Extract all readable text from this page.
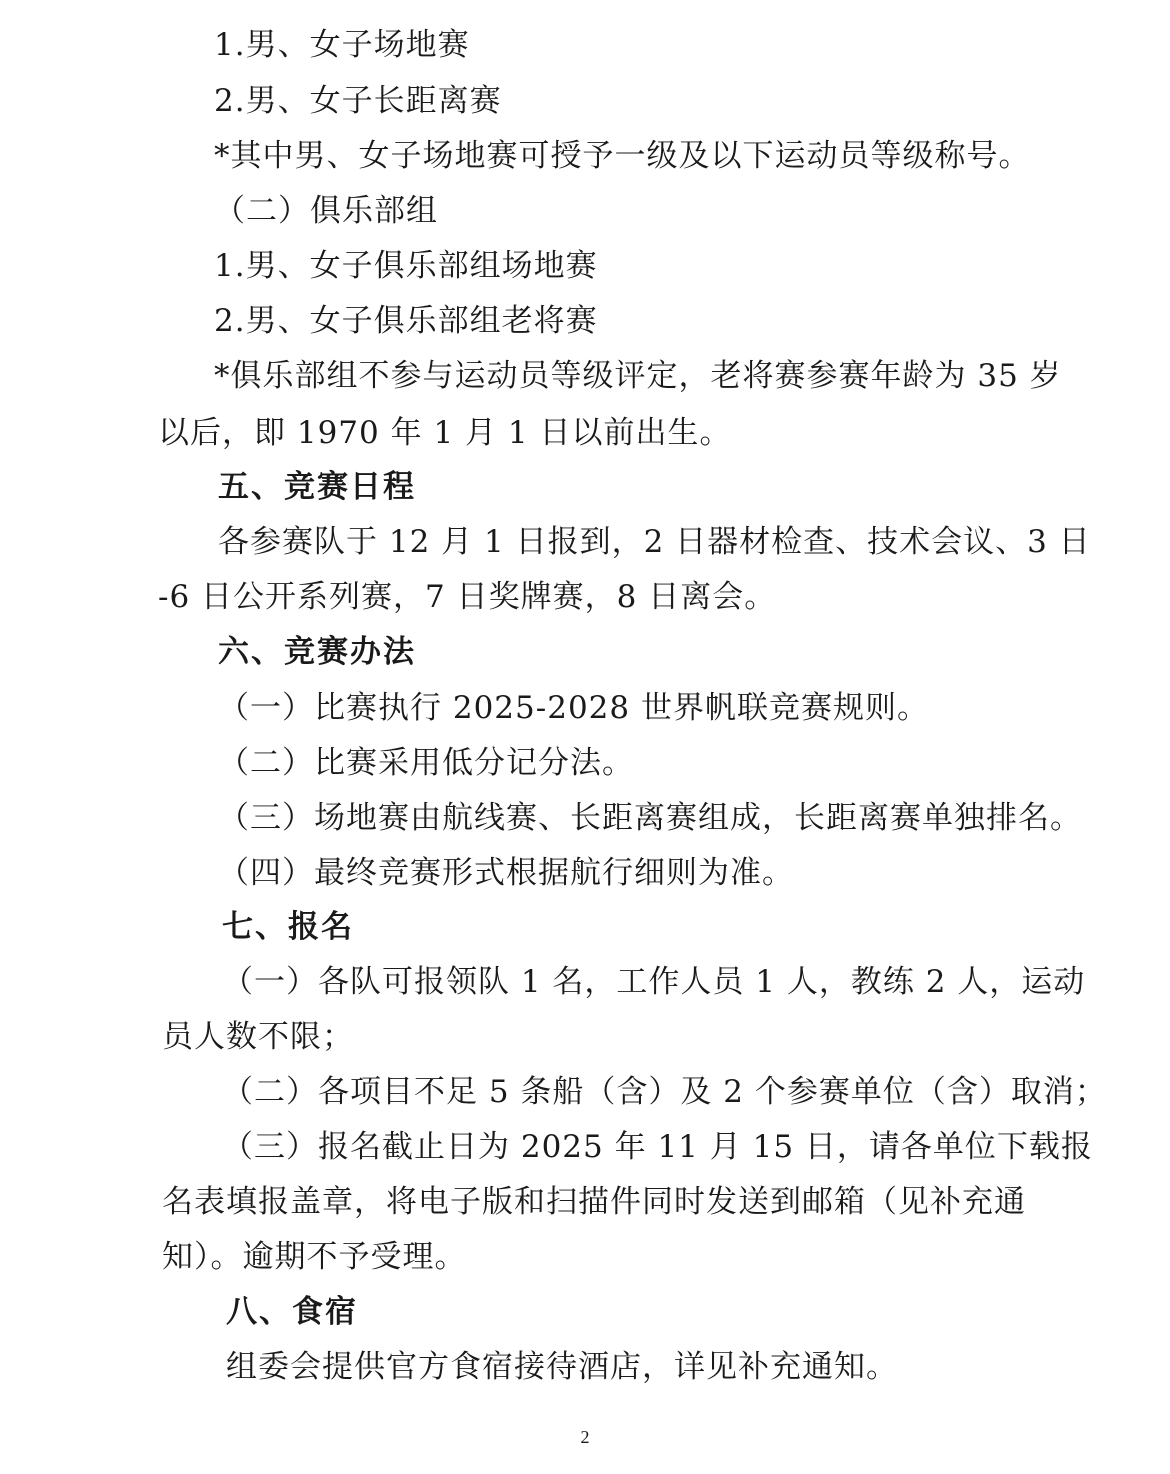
1.男、女子场地赛
2.男、女子长距离赛
*其中男、女子场地赛可授予一级及以下运动员等级称号。
（二）俱乐部组
1.男、女子俱乐部组场地赛
2.男、女子俱乐部组老将赛
*俱乐部组不参与运动员等级评定，老将赛参赛年龄为 35 岁
以后，即 1970 年 1 月 1 日以前出生。
五、竞赛日程
各参赛队于 12 月 1 日报到，2 日器材检查、技术会议、3 日
-6 日公开系列赛，7 日奖牌赛，8 日离会。
六、竞赛办法
（一）比赛执行 2025-2028 世界帆联竞赛规则。
（二）比赛采用低分记分法。
（三）场地赛由航线赛、长距离赛组成，长距离赛单独排名。
（四）最终竞赛形式根据航行细则为准。
七、报名
（一）各队可报领队 1 名，工作人员 1 人，教练 2 人，运动
员人数不限；
（二）各项目不足 5 条船（含）及 2 个参赛单位（含）取消；
（三）报名截止日为 2025 年 11 月 15 日，请各单位下载报
名表填报盖章，将电子版和扫描件同时发送到邮箱（见补充通
知）。逾期不予受理。
八、食宿
组委会提供官方食宿接待酒店，详见补充通知。
2
